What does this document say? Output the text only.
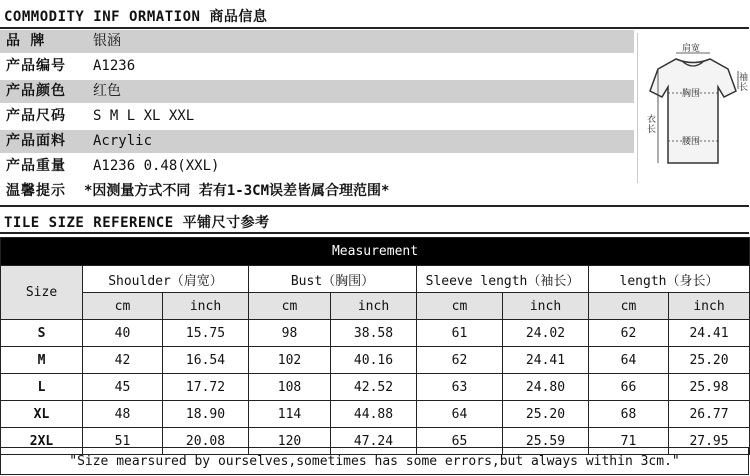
COMMODITY INF ORMATION 商品信息
品 牌	银涵
产品编号 A1236
产品颜色 红色
产品尺码 S M L XL XXL
产品面料 Acrylic
产品重量 A1236 0.48(XXL)
温馨提示 *因测量方式不同 若有1-3CM误差皆属合理范围*
肩宽
胸围
袖长
衣长
腰围
TILE SIZE REFERENCE 平铺尺寸参考
Measurement								
Size	Shoulder（肩宽）		Bust（胸围）		Sleeve length（袖长）		length（身长）	
	cm	inch	cm	inch	cm	inch	cm	inch
S	40	15.75	98	38.58	61	24.02	62	24.41
M	42	16.54	102	40.16	62	24.41	64	25.20
L	45	17.72	108	42.52	63	24.80	66	25.98
XL	48	18.90	114	44.88	64	25.20	68	26.77
2XL	51	20.08	120	47.24	65	25.59	71	27.95
"Size mearsured by ourselves,sometimes has some errors,but always within 3cm."
